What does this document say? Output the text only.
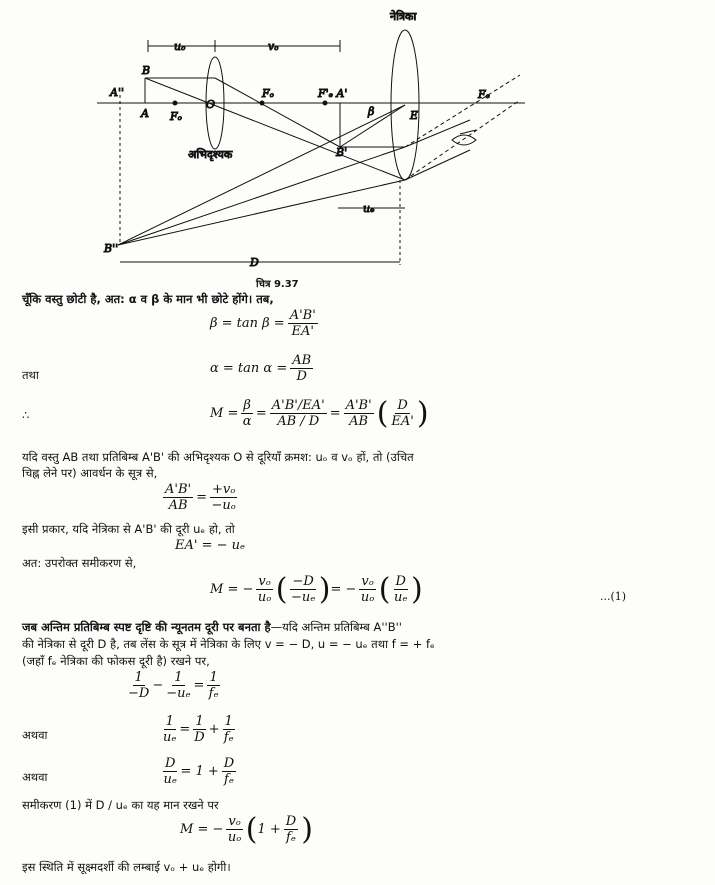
नेत्रिका
अभिदृश्यक
uₒ	vₒ
uₑ
D
A''
B
A Fₒ
O
Fₒ	F'ₑ A'
β	E
Fₑ
B'
B''
चित्र 9.37
चूँकि वस्तु छोटी है, अत: α व β के मान भी छोटे होंगे। तब,
$\beta = \tan \beta = \frac{A'B'}{EA'}$
तथा	$\alpha = \tan \alpha = \frac{AB}{D}$
∴	$M = \frac{\beta}{\alpha} = \frac{A'B'/EA'}{AB / D} = \frac{A'B'}{AB}$ ( $\frac{D}{EA'}$
)
यदि वस्तु AB तथा प्रतिबिम्ब A'B' की अभिदृश्यक O से दूरियाँ क्रमश: uₒ व vₒ हों, तो (उचित
चिह्न लेने पर) आवर्धन के सूत्र से,
$\frac{A'B'}{AB} = \frac{\text{+vₒ}}{\text{−uₒ}}$
इसी प्रकार, यदि नेत्रिका से A'B' की दूरी uₑ हो, तो
EA' = − uₑ
अत: उपरोक्त समीकरण से,
M = − $\frac{\text{vₒ}}{\text{uₒ}}$ ( $\frac{-D}{\text{−uₑ}}$
) = − $\frac{\text{vₒ}}{\text{uₒ}}$ ( $\frac{D}{\text{uₑ}}$
)	...(1)
जब अन्तिम प्रतिबिम्ब स्पष्ट दृष्टि की न्यूनतम दूरी पर बनता है—यदि अन्तिम प्रतिबिम्ब A''B''
की नेत्रिका से दूरी D है, तब लेंस के सूत्र में नेत्रिका के लिए v = − D, u = − uₑ तथा f = + fₑ
(जहाँ fₑ नेत्रिका की फोकस दूरी है) रखने पर,
$\frac{1}{-D} - \frac{1}{\text{−uₑ}} = \frac{1}{\text{fₑ}}$
अथवा	$\frac{1}{\text{uₑ}} = \frac{1}{D} + \frac{1}{\text{fₑ}}$
अथवा	$\frac{D}{\text{uₑ}} = 1 + \frac{D}{\text{fₑ}}$
समीकरण (1) में D / uₑ का यह मान रखने पर
M = − $\frac{\text{vₒ}}{\text{uₒ}}$ ( $1 + \frac{D}{\text{fₑ}}$
)
इस स्थिति में सूक्ष्मदर्शी की लम्बाई vₒ + uₑ होगी।
